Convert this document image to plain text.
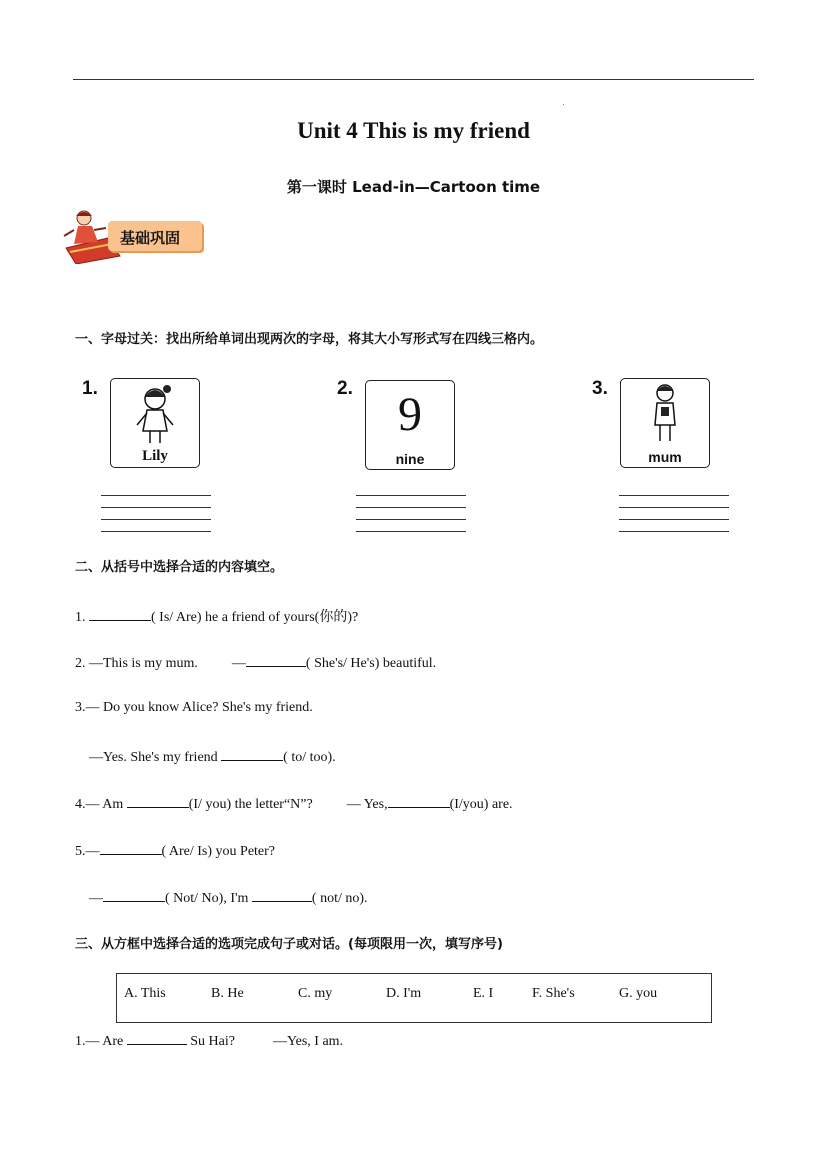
Unit 4 This is my friend
第一课时 Lead-in—Cartoon time
基础巩固
一、字母过关：找出所给单词出现两次的字母，将其大小写形式写在四线三格内。
1.
Lily
2. 9
nine
3.
mum
二、从括号中选择合适的内容填空。
1.	( Is/ Are) he a friend of yours(你的)?
2. —This is my mum. —	( She's/ He's) beautiful.
3.— Do you know Alice? She's my friend.
—Yes. She's my friend	( to/ too).
4.— Am	(I/ you) the letter“N”? — Yes,	(I/you) are.
5.—	( Are/ Is) you Peter?
—	( Not/ No), I'm	( not/ no).
三、从方框中选择合适的选项完成句子或对话。(每项限用一次，填写序号)
A. This	B. He	C. my	D. I'm	E. I	F. She's	G. you
1.— Are	Su Hai?	—Yes, I am.
